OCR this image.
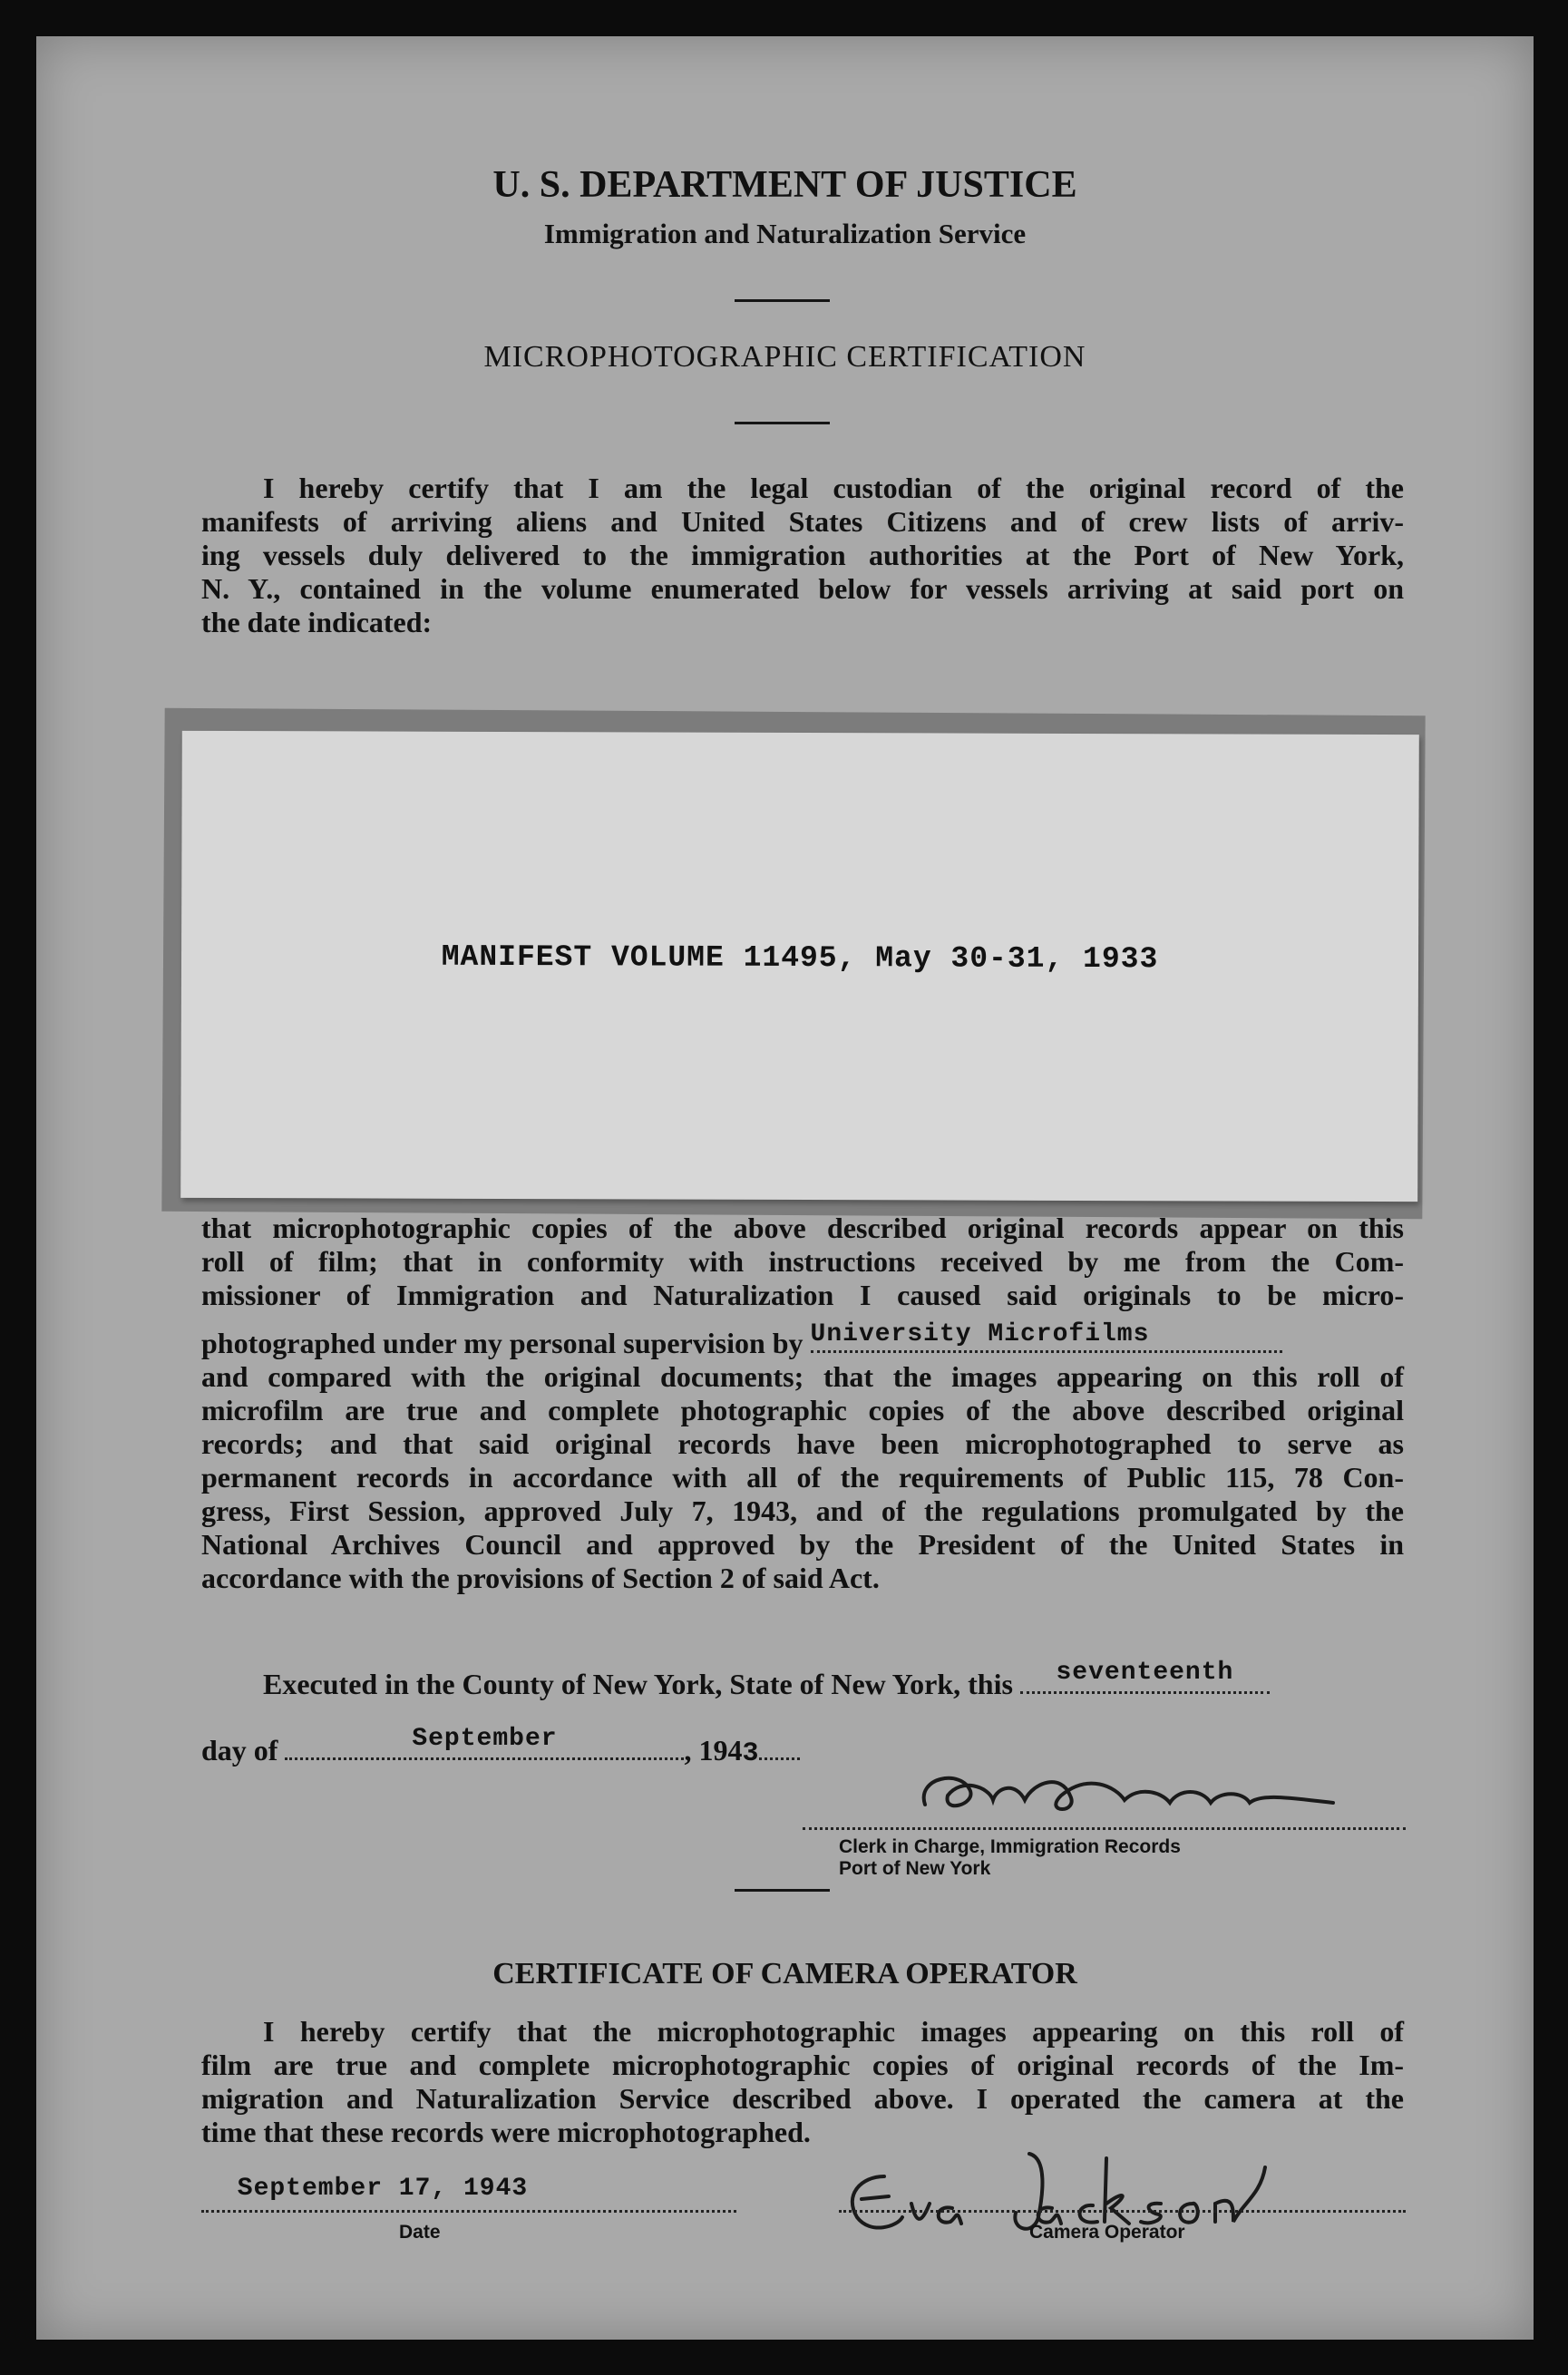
U. S. DEPARTMENT OF JUSTICE
Immigration and Naturalization Service
MICROPHOTOGRAPHIC CERTIFICATION
I hereby certify that I am the legal custodian of the original record of the
manifests of arriving aliens and United States Citizens and of crew lists of arriv-
ing vessels duly delivered to the immigration authorities at the Port of New York,
N. Y., contained in the volume enumerated below for vessels arriving at said port on
the date indicated:
MANIFEST VOLUME 11495, May 30-31, 1933
that microphotographic copies of the above described original records appear on this
roll of film; that in conformity with instructions received by me from the Com-
missioner of Immigration and Naturalization I caused said originals to be micro-
photographed under my personal supervision by University Microfilms
and compared with the original documents; that the images appearing on this roll of
microfilm are true and complete photographic copies of the above described original
records; and that said original records have been microphotographed to serve as
permanent records in accordance with all of the requirements of Public 115, 78 Con-
gress, First Session, approved July 7, 1943, and of the regulations promulgated by the
National Archives Council and approved by the President of the United States in
accordance with the provisions of Section 2 of said Act.
Executed in the County of New York, State of New York, this	seventeenth
day of	September	, 1943
Clerk in Charge, Immigration Records
Port of New York
CERTIFICATE OF CAMERA OPERATOR
I hereby certify that the microphotographic images appearing on this roll of
film are true and complete microphotographic copies of original records of the Im-
migration and Naturalization Service described above. I operated the camera at the
time that these records were microphotographed.
September 17, 1943
Date	Camera Operator
